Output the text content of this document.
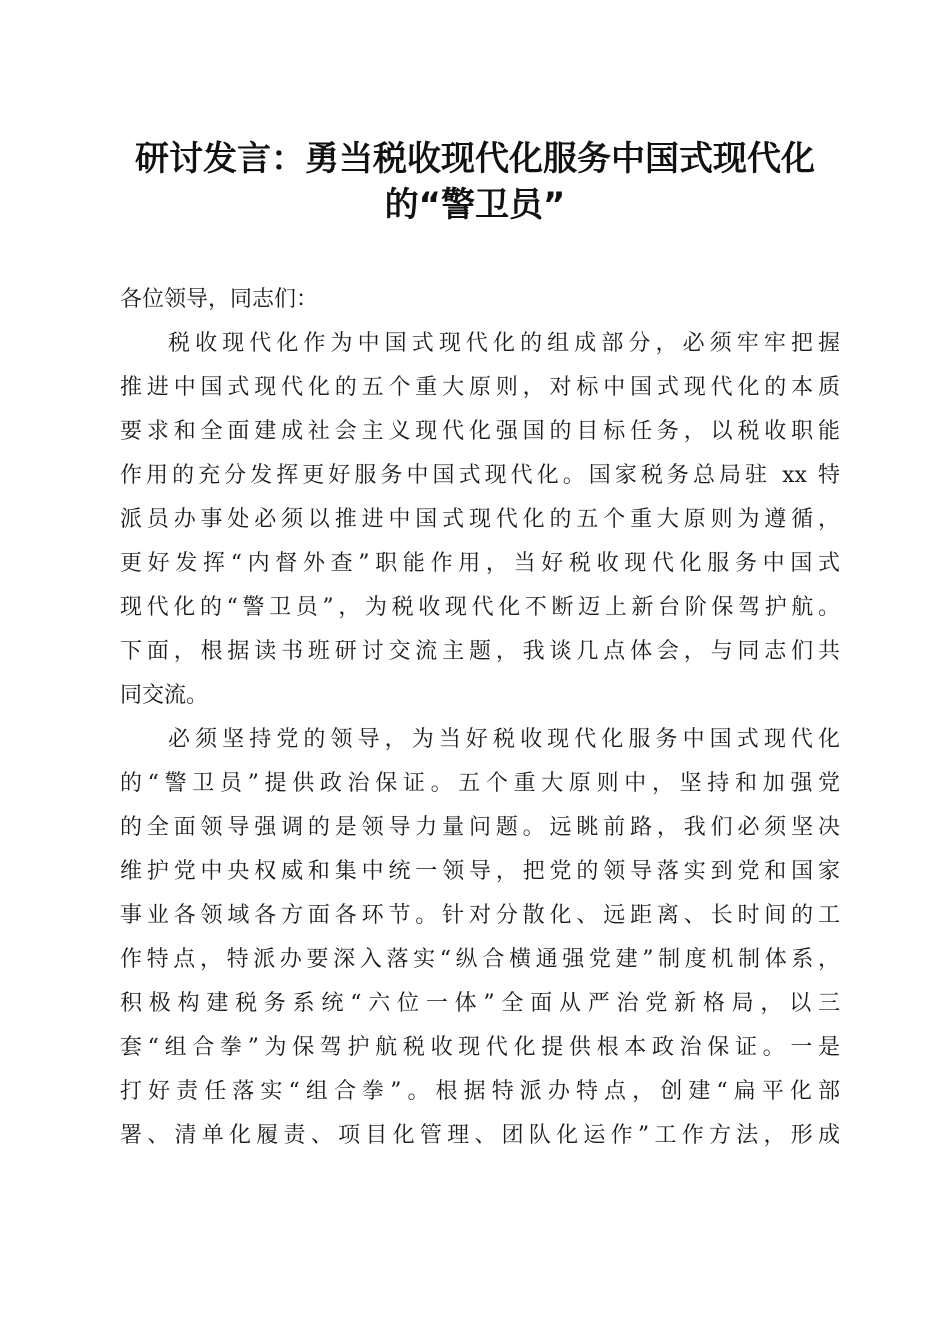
研讨发言：勇当税收现代化服务中国式现代化
的“警卫员”
各位领导，同志们：
税收现代化作为中国式现代化的组成部分，必须牢牢把握
推进中国式现代化的五个重大原则，对标中国式现代化的本质
要求和全面建成社会主义现代化强国的目标任务，以税收职能
作用的充分发挥更好服务中国式现代化。国家税务总局驻 xx 特
派员办事处必须以推进中国式现代化的五个重大原则为遵循，
更好发挥“内督外查”职能作用，当好税收现代化服务中国式
现代化的“警卫员”，为税收现代化不断迈上新台阶保驾护航。
下面，根据读书班研讨交流主题，我谈几点体会，与同志们共
同交流。
必须坚持党的领导，为当好税收现代化服务中国式现代化
的“警卫员”提供政治保证。五个重大原则中，坚持和加强党
的全面领导强调的是领导力量问题。远眺前路，我们必须坚决
维护党中央权威和集中统一领导，把党的领导落实到党和国家
事业各领域各方面各环节。针对分散化、远距离、长时间的工
作特点，特派办要深入落实“纵合横通强党建”制度机制体系，
积极构建税务系统“六位一体”全面从严治党新格局，以三
套“组合拳”为保驾护航税收现代化提供根本政治保证。一是
打好责任落实“组合拳”。根据特派办特点，创建“扁平化部
署、清单化履责、项目化管理、团队化运作”工作方法，形成
